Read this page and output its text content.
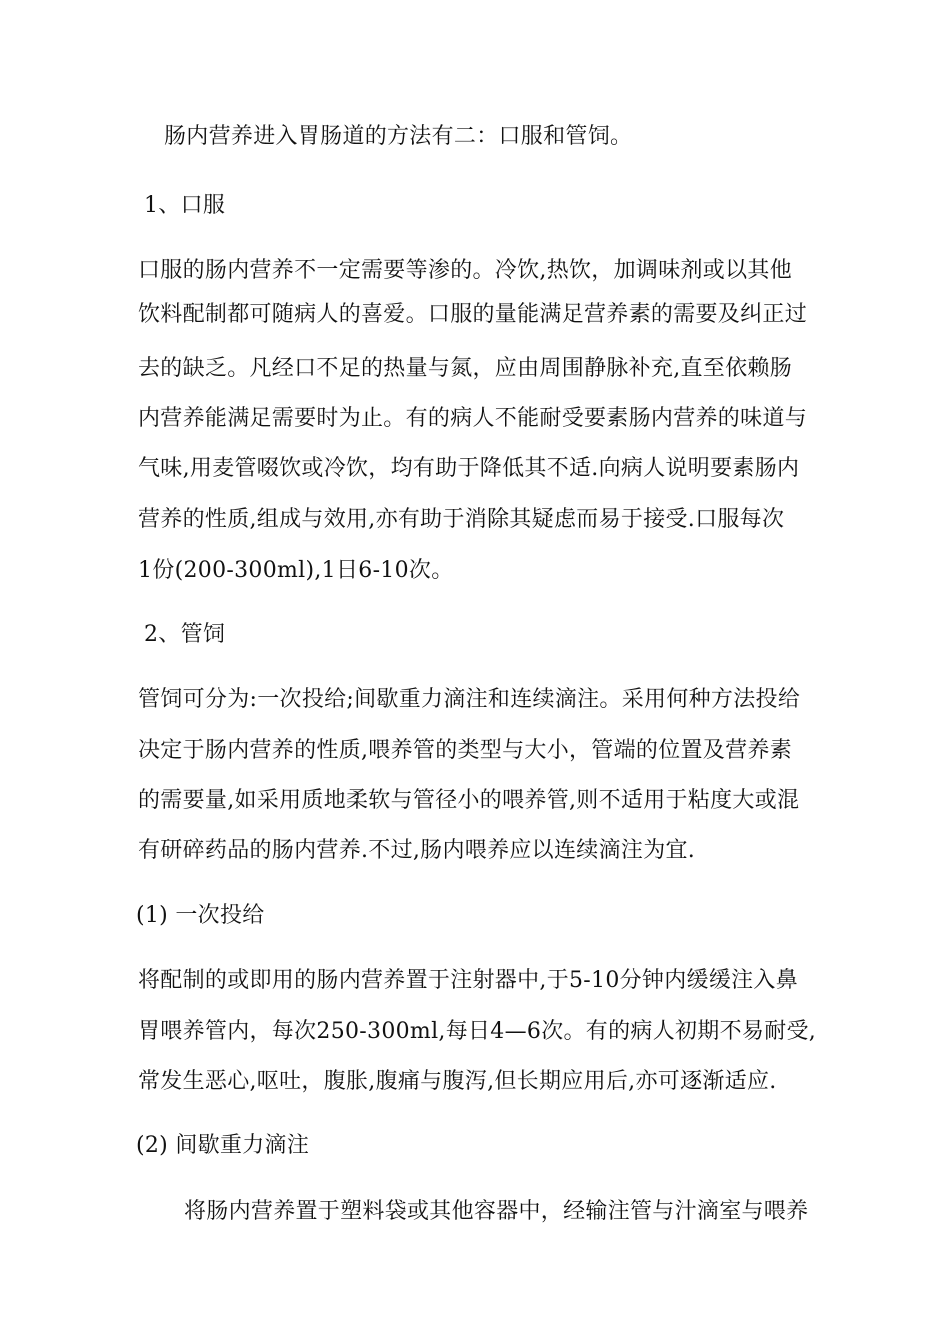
肠内营养进入胃肠道的方法有二：口服和管饲。
1、口服
口服的肠内营养不一定需要等渗的。冷饮,热饮，加调味剂或以其他
饮料配制都可随病人的喜爱。口服的量能满足营养素的需要及纠正过
去的缺乏。凡经口不足的热量与氮，应由周围静脉补充,直至依赖肠
内营养能满足需要时为止。有的病人不能耐受要素肠内营养的味道与
气味,用麦管啜饮或冷饮，均有助于降低其不适.向病人说明要素肠内
营养的性质,组成与效用,亦有助于消除其疑虑而易于接受.口服每次
1份(200-300ml),1日6-10次。
2、管饲
管饲可分为:一次投给;间歇重力滴注和连续滴注。采用何种方法投给
决定于肠内营养的性质,喂养管的类型与大小，管端的位置及营养素
的需要量,如采用质地柔软与管径小的喂养管,则不适用于粘度大或混
有研碎药品的肠内营养.不过,肠内喂养应以连续滴注为宜.
(1) 一次投给
将配制的或即用的肠内营养置于注射器中,于5-10分钟内缓缓注入鼻
胃喂养管内，每次250-300ml,每日4—6次。有的病人初期不易耐受,
常发生恶心,呕吐，腹胀,腹痛与腹泻,但长期应用后,亦可逐渐适应.
(2) 间歇重力滴注
将肠内营养置于塑料袋或其他容器中，经输注管与汁滴室与喂养
